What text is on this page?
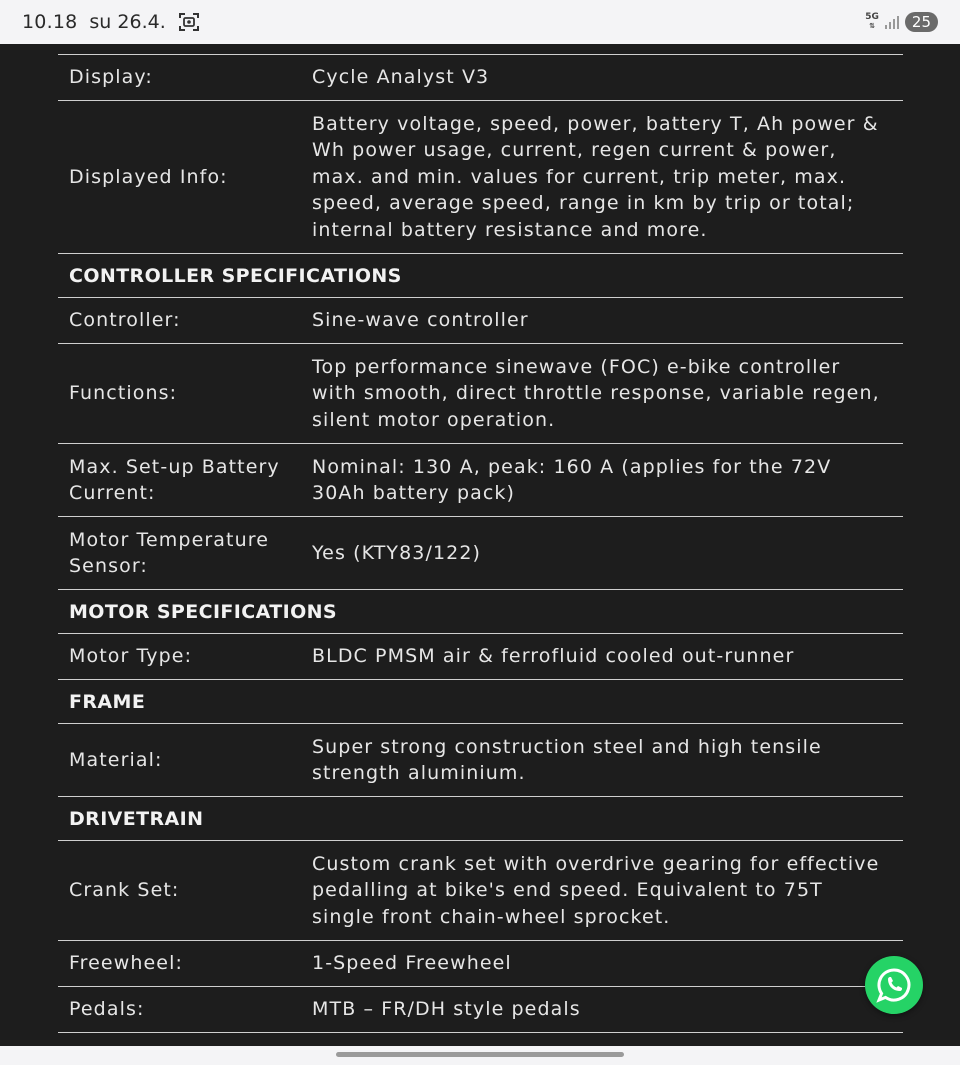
10.18 su 26.4.	5G
⇅	25
Display:	Cycle Analyst V3
Displayed Info:
Battery voltage, speed, power, battery T, Ah power & Wh power usage, current, regen current & power, max. and min. values for current, trip meter, max. speed, average speed, range in km by trip or total; internal battery resistance and more.
CONTROLLER SPECIFICATIONS
Controller:	Sine-wave controller
Functions:
Top performance sinewave (FOC) e-bike controller with smooth, direct throttle response, variable regen, silent motor operation.
Max. Set-up Battery Current:
Nominal: 130 A, peak: 160 A (applies for the 72V 30Ah battery pack)
Motor Temperature Sensor:
Yes (KTY83/122)
MOTOR SPECIFICATIONS
Motor Type:	BLDC PMSM air & ferrofluid cooled out-runner
FRAME
Material:
Super strong construction steel and high tensile strength aluminium.
DRIVETRAIN
Crank Set:
Custom crank set with overdrive gearing for effective pedalling at bike's end speed. Equivalent to 75T single front chain-wheel sprocket.
Freewheel:	1-Speed Freewheel
Pedals:	MTB – FR/DH style pedals
